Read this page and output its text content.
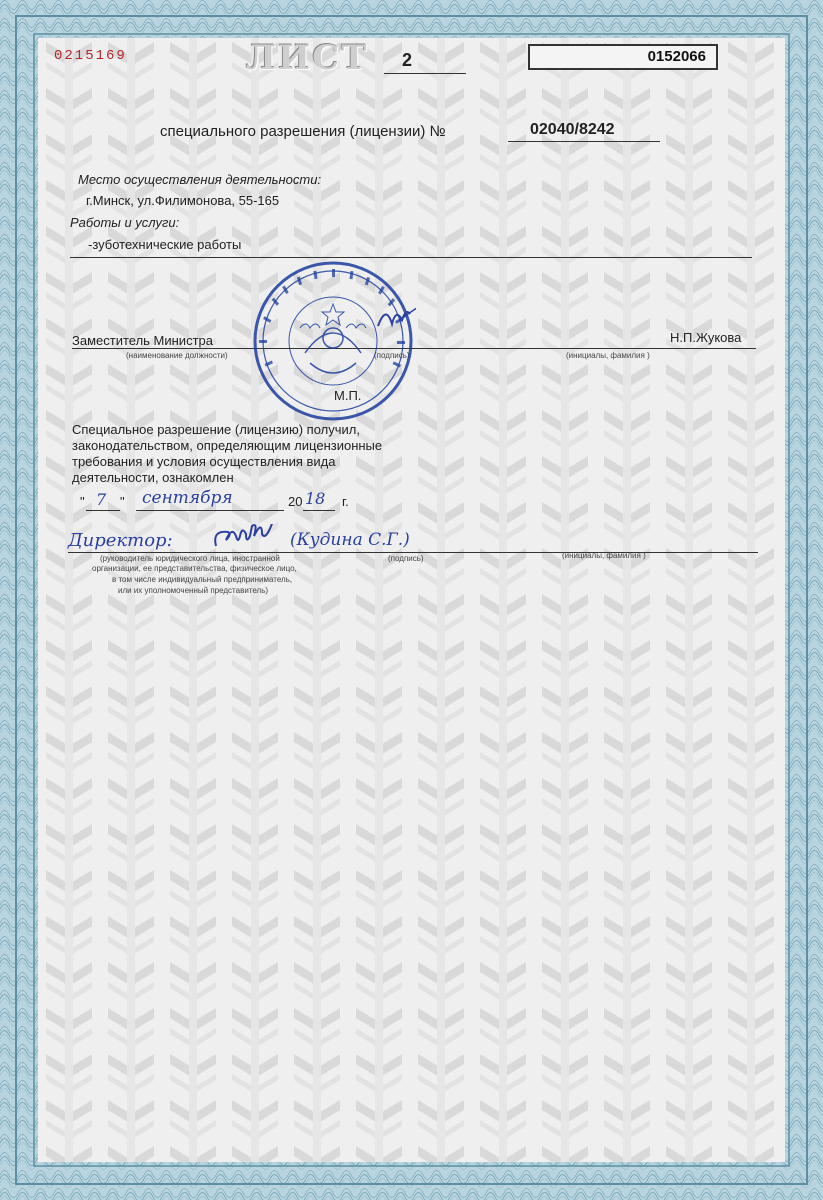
0215169	ЛИСТ 2	0152066
специального разрешения (лицензии) №	02040/8242
Место осуществления деятельности:
г.Минск, ул.Филимонова, 55-165
Работы и услуги:
-зуботехнические работы
Заместитель Министра	Н.П.Жукова
(наименование должности)	(подпись)	(инициалы, фамилия )
М.П.
Специальное разрешение (лицензию) получил,
законодательством, определяющим лицензионные
требования и условия осуществления вида
деятельности, ознакомлен
" 7 " сентября	20 18 г.
Директор:	(Кудина С.Г.)
(руководитель юридического лица, иностранной
организации, ее представительства, физическое лицо,
в том числе индивидуальный предприниматель,
или их уполномоченный представитель)
(подпись)	(инициалы, фамилия )
